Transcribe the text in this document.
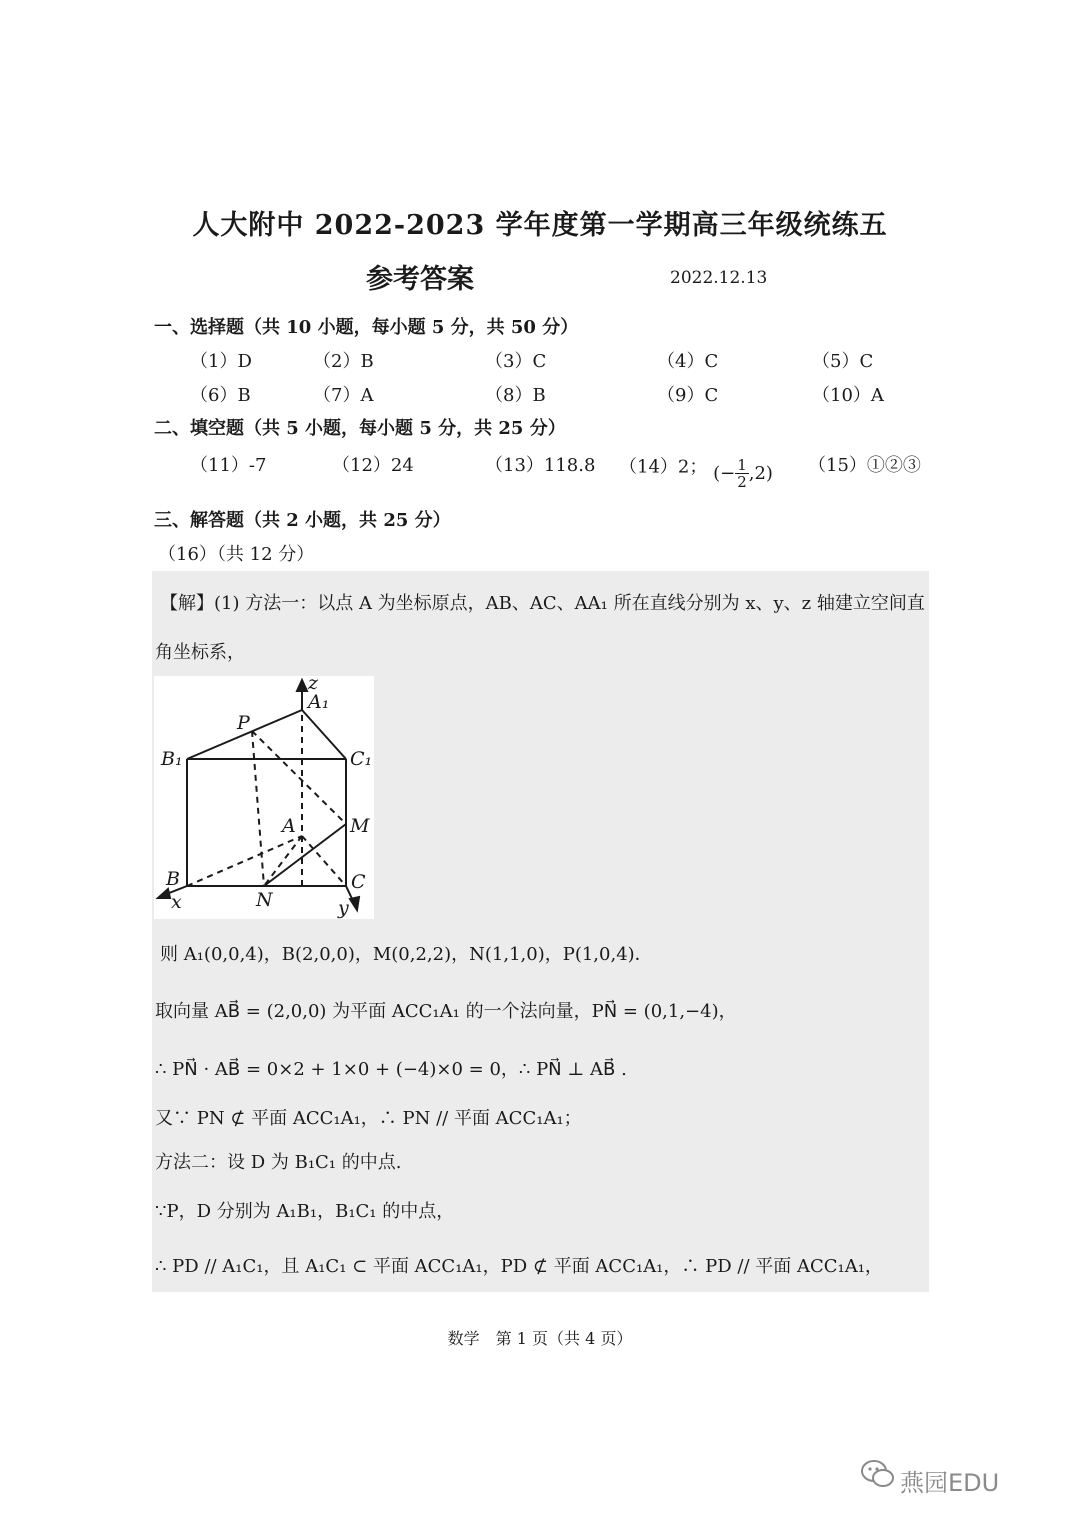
人大附中 2022-2023 学年度第一学期高三年级统练五
参考答案	2022.12.13
一、选择题（共 10 小题，每小题 5 分，共 50 分）
（1）D	（2）B	（3）C	（4）C	（5）C
（6）B	（7）A	（8）B	（9）C	（10）A
二、填空题（共 5 小题，每小题 5 分，共 25 分）
（11）-7	（12）24	（13）118.8 （14）2； (− $\frac{1}{2} ,2$) （15）①②③
三、解答题（共 2 小题，共 25 分）
（16）（共 12 分）
【解】(1) 方法一：以点 A 为坐标原点，AB、AC、AA₁ 所在直线分别为 x、y、z 轴建立空间直
角坐标系，
z
A₁
P
B₁	C₁
A	M
B	C
x	N	y
则 A₁(0,0,4)，B(2,0,0)，M(0,2,2)，N(1,1,0)，P(1,0,4)．
取向量 AB⃗ = (2,0,0) 为平面 ACC₁A₁ 的一个法向量，PN⃗ = (0,1,−4)，
∴ PN⃗ · AB⃗ = 0×2 + 1×0 + (−4)×0 = 0，∴ PN⃗ ⊥ AB⃗ .
又∵ PN ⊄ 平面 ACC₁A₁，∴ PN // 平面 ACC₁A₁；
方法二：设 D 为 B₁C₁ 的中点.
∵P，D 分别为 A₁B₁，B₁C₁ 的中点，
∴ PD // A₁C₁，且 A₁C₁ ⊂ 平面 ACC₁A₁，PD ⊄ 平面 ACC₁A₁，∴ PD // 平面 ACC₁A₁，
数学　第 1 页（共 4 页）
燕园EDU
